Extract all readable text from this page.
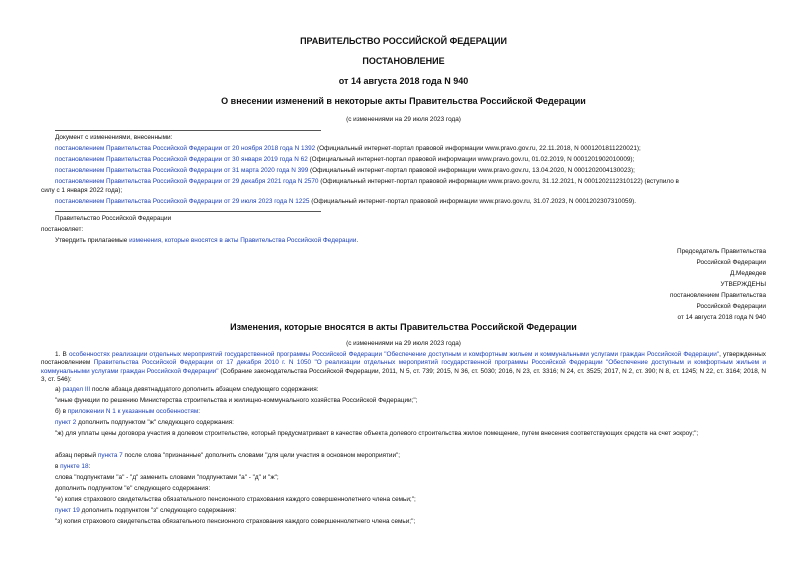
ПРАВИТЕЛЬСТВО РОССИЙСКОЙ ФЕДЕРАЦИИ
ПОСТАНОВЛЕНИЕ
от 14 августа 2018 года N 940
О внесении изменений в некоторые акты Правительства Российской Федерации
(с изменениями на 29 июля 2023 года)
Документ с изменениями, внесенными:
постановлением Правительства Российской Федерации от 20 ноября 2018 года N 1392 (Официальный интернет-портал правовой информации www.pravo.gov.ru, 22.11.2018, N 0001201811220021);
постановлением Правительства Российской Федерации от 30 января 2019 года N 62 (Официальный интернет-портал правовой информации www.pravo.gov.ru, 01.02.2019, N 0001201902010009);
постановлением Правительства Российской Федерации от 31 марта 2020 года N 399 (Официальный интернет-портал правовой информации www.pravo.gov.ru, 13.04.2020, N 0001202004130023);
постановлением Правительства Российской Федерации от 29 декабря 2021 года N 2570 (Официальный интернет-портал правовой информации www.pravo.gov.ru, 31.12.2021, N 0001202112310122) (вступило в
силу с 1 января 2022 года);
постановлением Правительства Российской Федерации от 29 июля 2023 года N 1225 (Официальный интернет-портал правовой информации www.pravo.gov.ru, 31.07.2023, N 0001202307310059).
Правительство Российской Федерации
постановляет:
Утвердить прилагаемые изменения, которые вносятся в акты Правительства Российской Федерации.
Председатель Правительства
Российской Федерации
Д.Медведев
УТВЕРЖДЕНЫ
постановлением Правительства
Российской Федерации
от 14 августа 2018 года N 940
Изменения, которые вносятся в акты Правительства Российской Федерации
(с изменениями на 29 июля 2023 года)
1. В особенностях реализации отдельных мероприятий государственной программы Российской Федерации "Обеспечение доступным и комфортным жильем и коммунальными услугами граждан Российской Федерации", утвержденных постановлением Правительства Российской Федерации от 17 декабря 2010 г. N 1050 "О реализации отдельных мероприятий государственной программы Российской Федерации "Обеспечение доступным и комфортным жильем и коммунальными услугами граждан Российской Федерации" (Собрание законодательства Российской Федерации, 2011, N 5, ст. 739; 2015, N 36, ст. 5030; 2016, N 23, ст. 3316; N 24, ст. 3525; 2017, N 2, ст. 390; N 8, ст. 1245; N 22, ст. 3164; 2018, N 3, ст. 546):
а) раздел III после абзаца девятнадцатого дополнить абзацем следующего содержания:
"иные функции по решению Министерства строительства и жилищно-коммунального хозяйства Российской Федерации;";
б) в приложении N 1 к указанным особенностям:
пункт 2 дополнить подпунктом "ж" следующего содержания:
"ж) для уплаты цены договора участия в долевом строительстве, который предусматривает в качестве объекта долевого строительства жилое помещение, путем внесения соответствующих средств на счет эскроу;";
абзац первый пункта 7 после слова "признанные" дополнить словами "для цели участия в основном мероприятии";
в пункте 18:
слова "подпунктами "а" - "д" заменить словами "подпунктами "а" - "д" и "ж";
дополнить подпунктом "е" следующего содержания:
"е) копия страхового свидетельства обязательного пенсионного страхования каждого совершеннолетнего члена семьи;";
пункт 19 дополнить подпунктом "з" следующего содержания:
"з) копия страхового свидетельства обязательного пенсионного страхования каждого совершеннолетнего члена семьи;";
